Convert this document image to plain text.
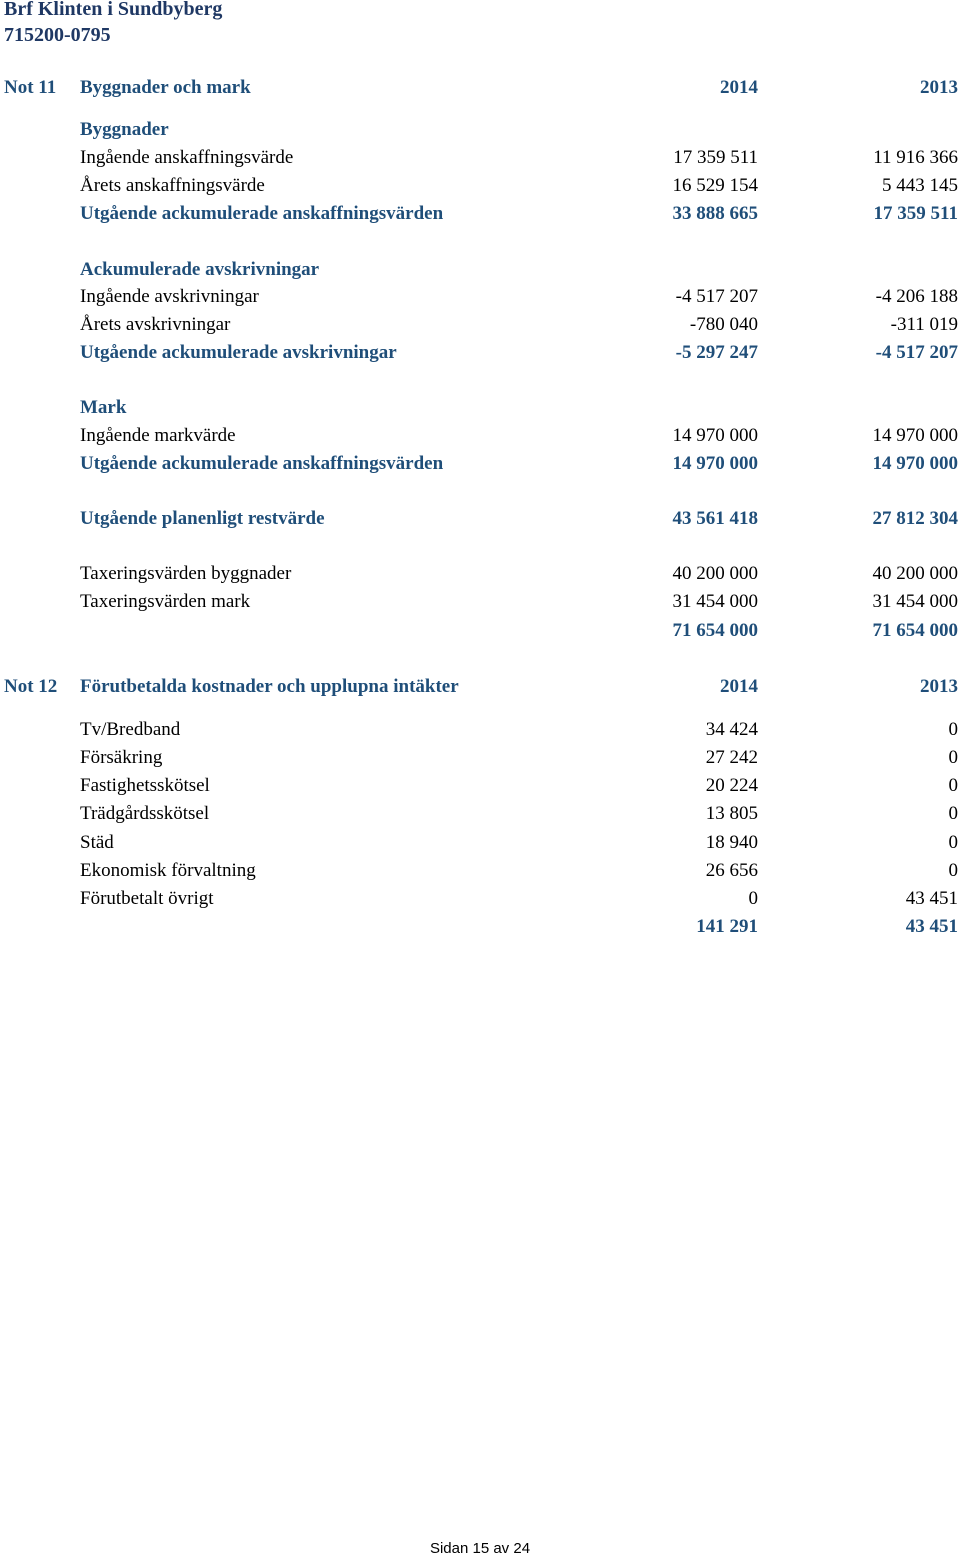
Brf Klinten i Sundbyberg
715200-0795
Not 11 Byggnader och mark	2014	2013
Byggnader
Ingående anskaffningsvärde	17 359 511	11 916 366
Årets anskaffningsvärde	16 529 154	5 443 145
Utgående ackumulerade anskaffningsvärden	33 888 665	17 359 511
Ackumulerade avskrivningar
Ingående avskrivningar	-4 517 207	-4 206 188
Årets avskrivningar	-780 040	-311 019
Utgående ackumulerade avskrivningar	-5 297 247	-4 517 207
Mark
Ingående markvärde	14 970 000	14 970 000
Utgående ackumulerade anskaffningsvärden	14 970 000	14 970 000
Utgående planenligt restvärde	43 561 418	27 812 304
Taxeringsvärden byggnader	40 200 000	40 200 000
Taxeringsvärden mark	31 454 000	31 454 000
71 654 000	71 654 000
Not 12 Förutbetalda kostnader och upplupna intäkter	2014	2013
Tv/Bredband	34 424	0
Försäkring	27 242	0
Fastighetsskötsel	20 224	0
Trädgårdsskötsel	13 805	0
Städ	18 940	0
Ekonomisk förvaltning	26 656	0
Förutbetalt övrigt	0	43 451
141 291	43 451
Sidan 15 av 24
